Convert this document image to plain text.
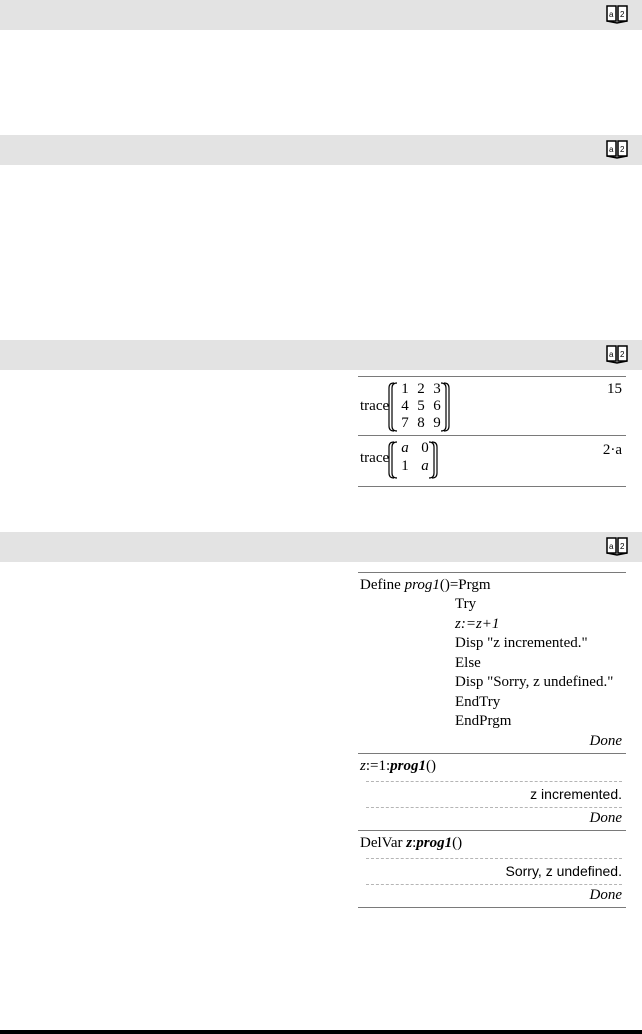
a 2
a 2
a 2
a 2
trace
1 2 3
4 5 6
7 8 9
15
trace
a 0
1 a
2·a
Define prog1()=Prgm
Try
z:=z+1
Disp "z incremented."
Else
Disp "Sorry, z undefined."
EndTry
EndPrgm
Done
z:=1:prog1()
z incremented.
Done
DelVar z:prog1()
Sorry, z undefined.
Done
